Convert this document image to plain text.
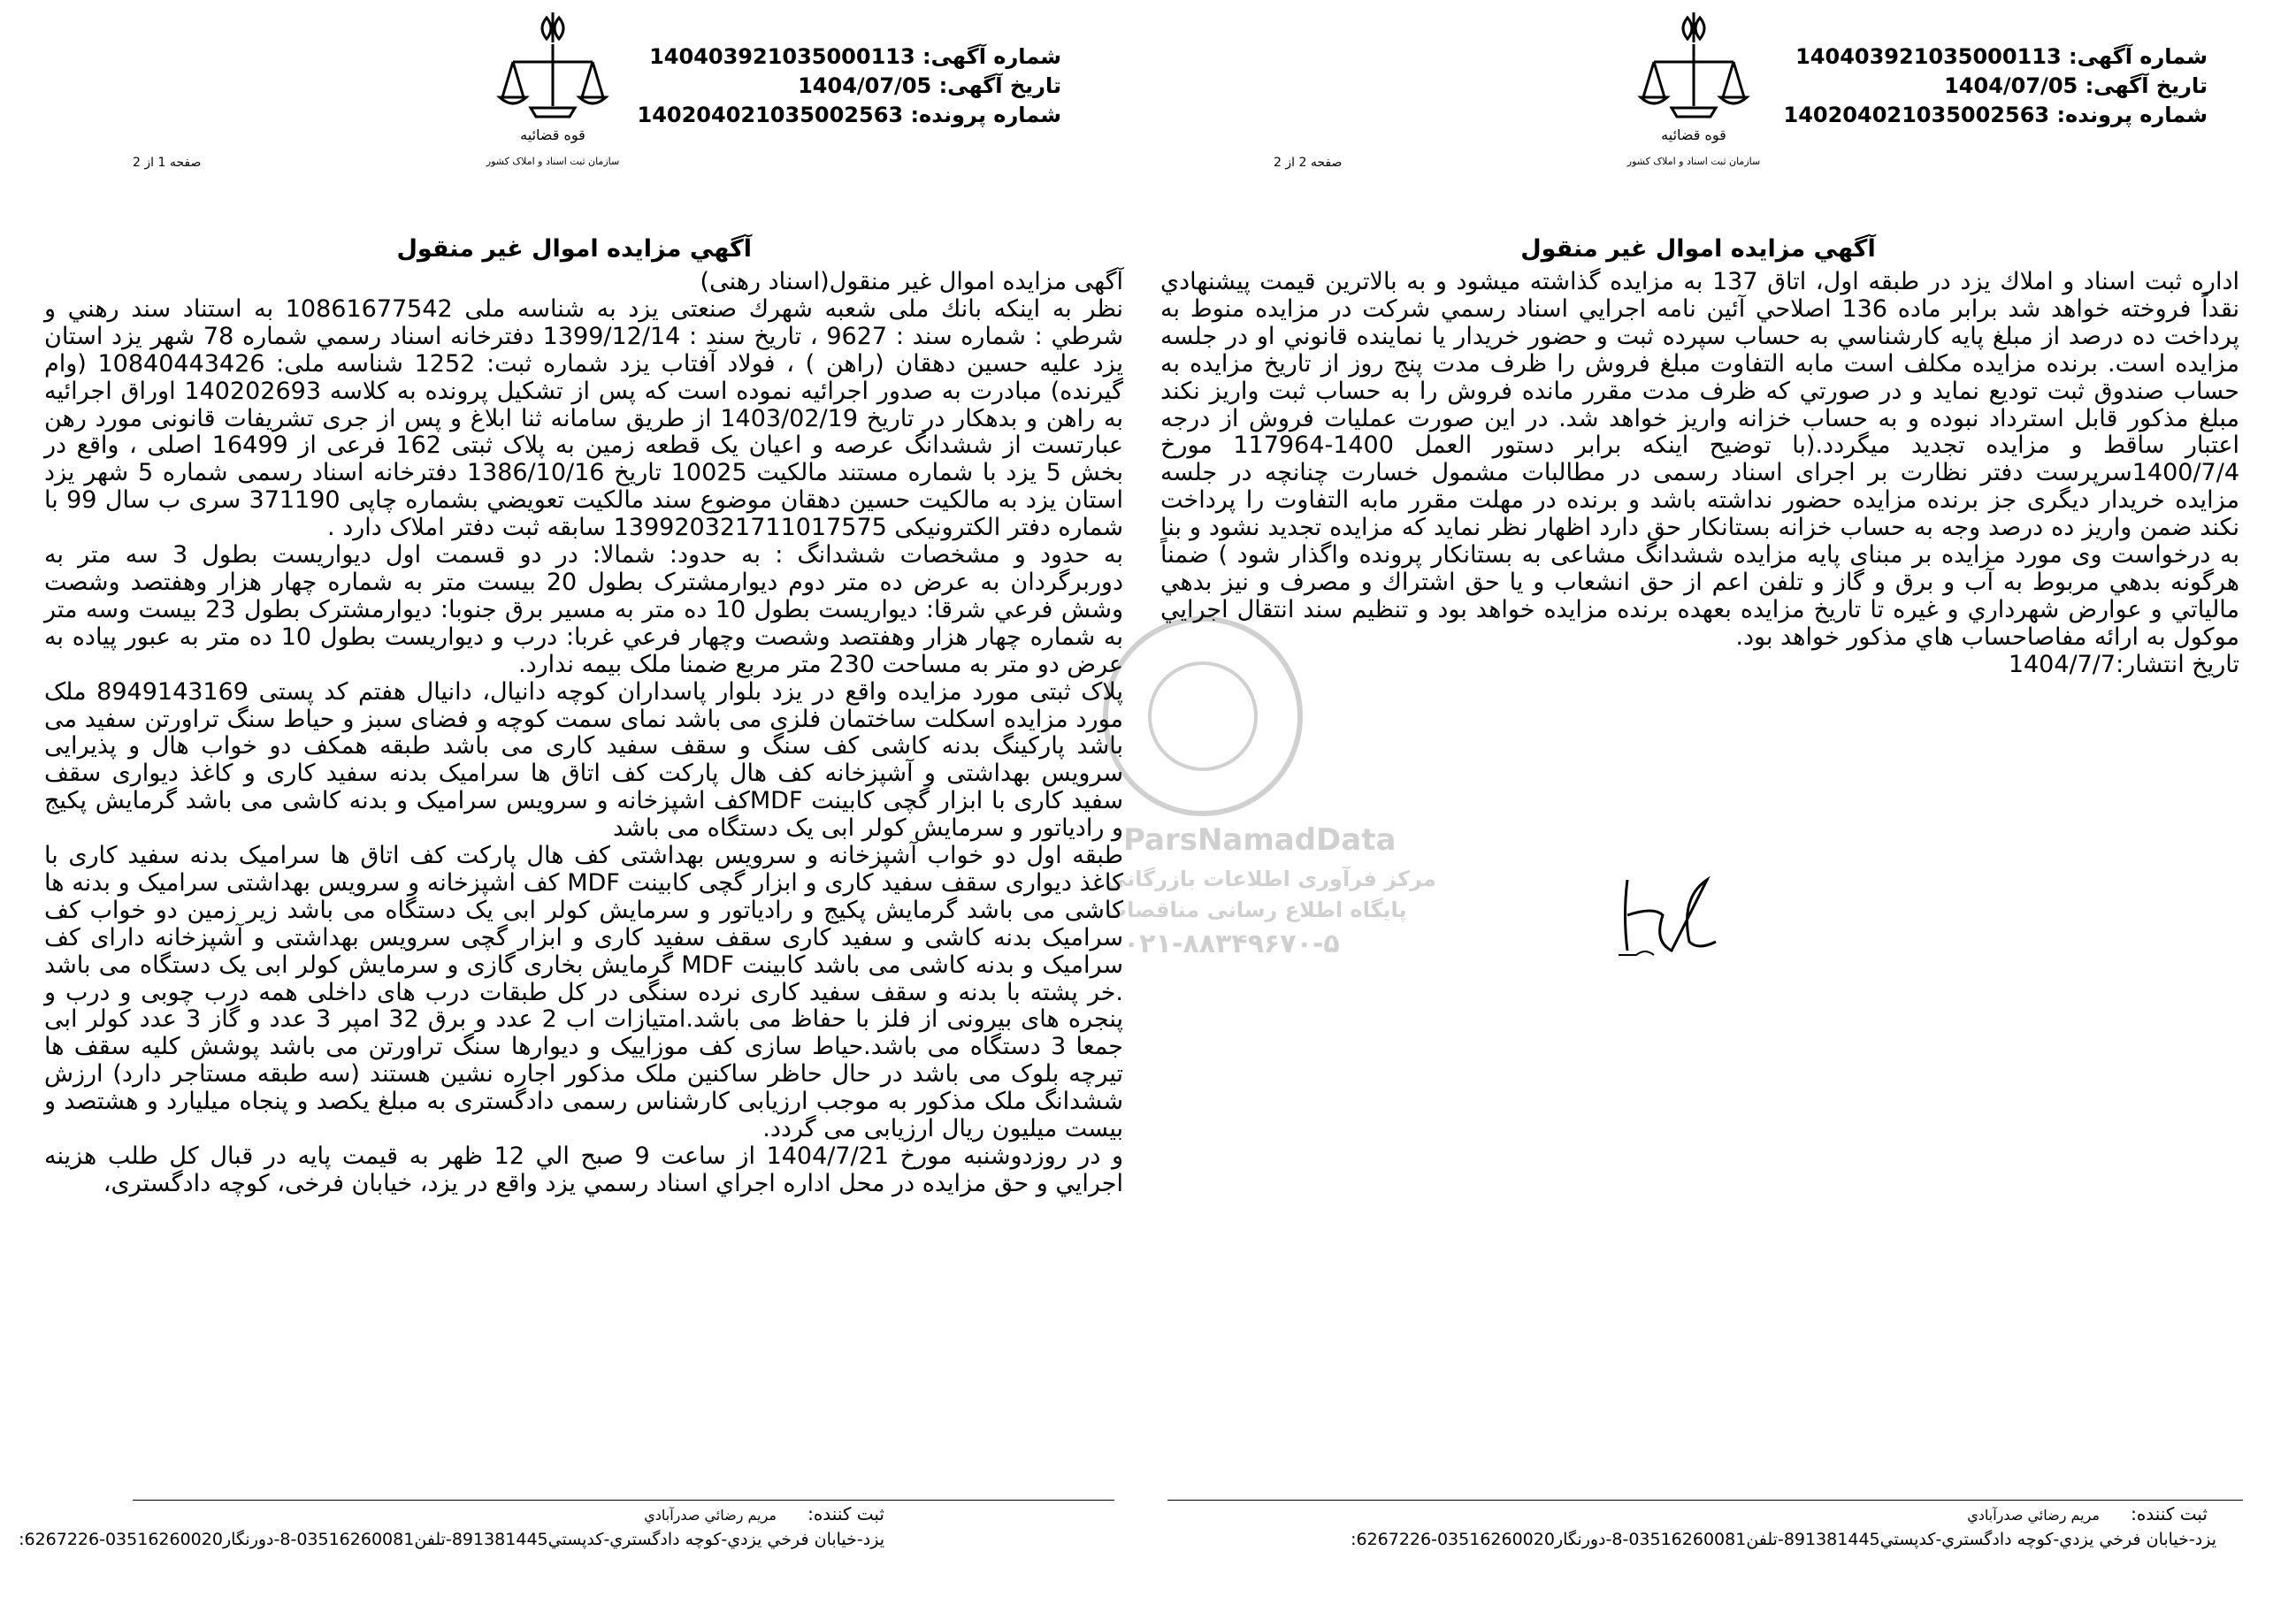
شماره آگهی: 140403921035000113
تاریخ آگهی: 1404/07/05
شماره پرونده: 140204021035002563
قوه قضائیه
سازمان ثبت اسناد و املاک کشور
صفحه 1 از 2
آگهي مزايده اموال غير منقول

آگهی مزایده اموال غیر منقول(اسناد رهنی)

نظر به اینکه بانك ملی شعبه شهرك صنعتی یزد به شناسه ملی 10861677542 به استناد سند رهني و شرطي : شماره سند : 9627 ، تاریخ سند : 1399/12/14 دفترخانه اسناد رسمي شماره 78 شهر یزد استان یزد علیه حسین دهقان (راهن ) ، فولاد آفتاب یزد شماره ثبت: 1252 شناسه ملی: 10840443426 (وام گیرنده) مبادرت به صدور اجرائیه نموده است كه پس از تشكیل پرونده به كلاسه 140202693 اوراق اجرائیه به راهن و بدهکار در تاریخ 1403/02/19 از طریق سامانه ثنا ابلاغ و پس از جری تشریفات قانونی مورد رهن عبارتست از ششدانگ عرصه و اعیان یک قطعه زمین به پلاک ثبتی 162 فرعی از 16499 اصلی ، واقع در بخش 5 یزد با شماره مستند مالکیت 10025 تاریخ 1386/10/16 دفترخانه اسناد رسمی شماره 5 شهر یزد استان یزد به مالکیت حسین دهقان موضوع سند مالکیت تعویضي بشماره چاپی 371190 سری ب سال 99 با شماره دفتر الکترونیکی 139920321711017575 سابقه ثبت دفتر املاک دارد .

به حدود و مشخصات ششدانگ : به حدود: شمالا: در دو قسمت اول دیواریست بطول 3 سه متر به دوربرگردان به عرض ده متر دوم دیوارمشترک بطول 20 بیست متر به شماره چهار هزار وهفتصد وشصت وشش فرعي شرقا: دیواریست بطول 10 ده متر به مسیر برق جنوبا: دیوارمشترک بطول 23 بیست وسه متر به شماره چهار هزار وهفتصد وشصت وچهار فرعي غربا: درب و دیواریست بطول 10 ده متر به عبور پیاده به عرض دو متر به مساحت 230 متر مربع ضمنا ملک بیمه ندارد.

پلاک ثبتی مورد مزایده واقع در یزد بلوار پاسداران کوچه دانیال، دانیال هفتم کد پستی 8949143169 ملک مورد مزایده اسکلت ساختمان فلزی می باشد نمای سمت کوچه و فضای سبز و حیاط سنگ تراورتن سفید می باشد پارکینگ بدنه کاشی کف سنگ و سقف سفید کاری می باشد طبقه همکف دو خواب هال و پذیرایی سرویس بهداشتی و آشپزخانه کف هال پارکت کف اتاق ها سرامیک بدنه سفید کاری و کاغذ دیواری سقف سفید کاری با ابزار گچی کابینت MDFکف اشپزخانه و سرویس سرامیک و بدنه کاشی می باشد گرمایش پکیج و رادیاتور و سرمایش کولر ابی یک دستگاه می باشد

طبقه اول دو خواب آشپزخانه و سرویس بهداشتی کف هال پارکت کف اتاق ها سرامیک بدنه سفید کاری با کاغذ دیواری سقف سفید کاری و ابزار گچی کابینت MDF کف اشپزخانه و سرویس بهداشتی سرامیک و بدنه ها کاشی می باشد گرمایش پکیج و رادیاتور و سرمایش کولر ابی یک دستگاه می باشد زیر زمین دو خواب کف سرامیک بدنه کاشی و سفید کاری سقف سفید کاری و ابزار گچی سرویس بهداشتی و آشپزخانه دارای کف سرامیک و بدنه کاشی می باشد کابینت MDF گرمایش بخاری گازی و سرمایش کولر ابی یک دستگاه می باشد .خر پشته با بدنه و سقف سفید کاری نرده سنگی در کل طبقات درب های داخلی همه درب چوبی و درب و پنجره های بیرونی از فلز با حفاظ می باشد.امتیازات اب 2 عدد و برق 32 امپر 3 عدد و گاز 3 عدد کولر ابی جمعا 3 دستگاه می باشد.حیاط سازی کف موزاییک و دیوارها سنگ تراورتن می باشد پوشش کلیه سقف ها تیرچه بلوک می باشد در حال حاظر ساکنین ملک مذکور اجاره نشین هستند (سه طبقه مستاجر دارد) ارزش ششدانگ ملک مذکور به موجب ارزیابی کارشناس رسمی دادگستری به مبلغ یکصد و پنجاه میلیارد و هشتصد و بیست میلیون ریال ارزیابی می گردد.

و در روزدوشنبه مورخ 1404/7/21 از ساعت 9 صبح الي 12 ظهر به قیمت پایه در قبال کل طلب هزینه اجرایي و حق مزایده در محل اداره اجراي اسناد رسمي یزد واقع در یزد، خیابان فرخی، کوچه دادگستری،

ثبت کننده: مریم رضائي صدرآبادي
یزد-خیابان فرخي یزدي-کوچه دادگستري-کدپستي891381445-تلفن03516260081-8-دورنگار03516260020-6267226:
شماره آگهی: 140403921035000113
تاریخ آگهی: 1404/07/05
شماره پرونده: 140204021035002563
قوه قضائیه
سازمان ثبت اسناد و املاک کشور
صفحه 2 از 2
آگهي مزايده اموال غير منقول

اداره ثبت اسناد و املاك یزد در طبقه اول، اتاق 137 به مزایده گذاشته میشود و به بالاترین قیمت پیشنهادي نقداً فروخته خواهد شد برابر ماده 136 اصلاحي آئین نامه اجرایي اسناد رسمي شركت در مزایده منوط به پرداخت ده درصد از مبلغ پایه كارشناسي به حساب سپرده ثبت و حضور خریدار یا نماینده قانوني او در جلسه مزایده است. برنده مزایده مكلف است مابه التفاوت مبلغ فروش را ظرف مدت پنج روز از تاریخ مزایده به حساب صندوق ثبت تودیع نماید و در صورتي كه ظرف مدت مقرر مانده فروش را به حساب ثبت واریز نكند مبلغ مذكور قابل استرداد نبوده و به حساب خزانه واریز خواهد شد. در این صورت عملیات فروش از درجه اعتبار ساقط و مزایده تجدید میگردد.(با توضیح اینکه برابر دستور العمل 1400-117964 مورخ 1400/7/4سرپرست دفتر نظارت بر اجرای اسناد رسمی در مطالبات مشمول خسارت چنانچه در جلسه مزایده خریدار دیگری جز برنده مزایده حضور نداشته باشد و برنده در مهلت مقرر مابه التفاوت را پرداخت نکند ضمن واریز ده درصد وجه به حساب خزانه بستانکار حق دارد اظهار نظر نماید که مزایده تجدید نشود و بنا به درخواست وی مورد مزایده بر مبنای پایه مزایده ششدانگ مشاعی به بستانکار پرونده واگذار شود ) ضمناً هرگونه بدهي مربوط به آب و برق و گاز و تلفن اعم از حق انشعاب و يا حق اشتراك و مصرف و نيز بدهي مالياتي و عوارض شهرداري و غيره تا تاريخ مزايده بعهده برنده مزايده خواهد بود و تنظيم سند انتقال اجرايي موكول به ارائه مفاصاحساب هاي مذكور خواهد بود.

تاریخ انتشار:1404/7/7

ثبت کننده: مریم رضائي صدرآبادي
یزد-خیابان فرخي یزدي-کوچه دادگستري-کدپستي891381445-تلفن03516260081-8-دورنگار03516260020-6267226:
ParsNamadData
مرکز فرآوری اطلاعات بازرگانی
پایگاه اطلاع رسانی مناقصات
۰۲۱-۸۸۳۴۹۶۷۰-۵
